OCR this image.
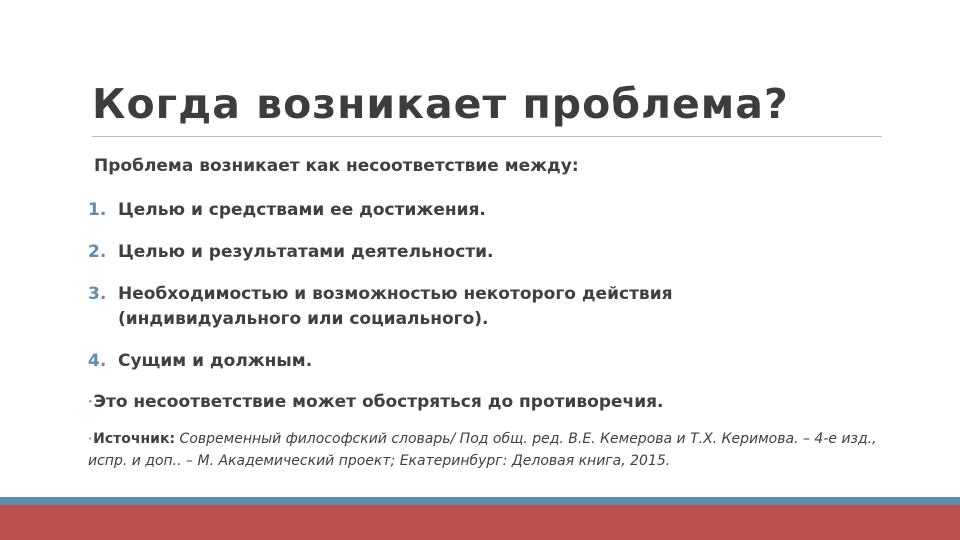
Когда возникает проблема?
Проблема возникает как несоответствие между:
1. Целью и средствами ее достижения.
2. Целью и результатами деятельности.
3. Необходимостью и возможностью некоторого действия (индивидуального или социального).
4. Сущим и должным.
•Это несоответствие может обостряться до противоречия.
•Источник: Современный философский словарь/ Под общ. ред. В.Е. Кемерова и Т.Х. Керимова. – 4-е изд., испр. и доп.. – М. Академический проект; Екатеринбург: Деловая книга, 2015.
